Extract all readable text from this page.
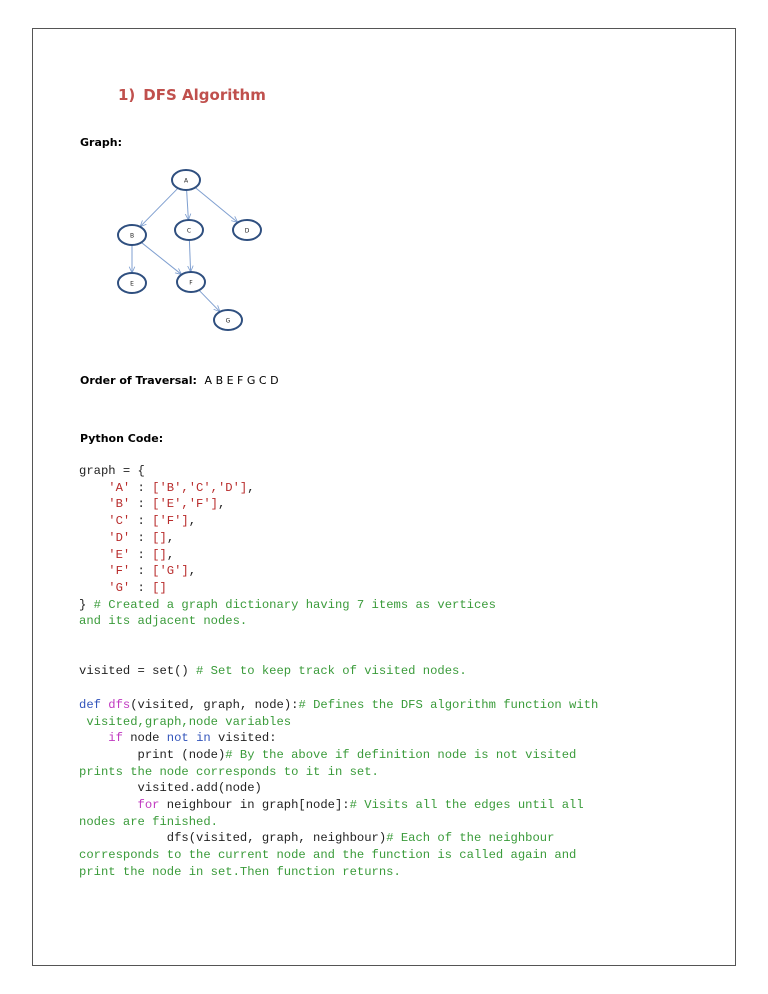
1) DFS Algorithm
Graph:
A
B
C	D
E	F
G
Order of Traversal:  A B E F G C D
Python Code:
graph = {
'A' : ['B','C','D'],
'B' : ['E','F'],
'C' : ['F'],
'D' : [],
'E' : [],
'F' : ['G'],
'G' : []
} # Created a graph dictionary having 7 items as vertices
and its adjacent nodes.

visited = set() # Set to keep track of visited nodes.

def dfs(visited, graph, node):# Defines the DFS algorithm function with
visited,graph,node variables
if node not in visited:
print (node)# By the above if definition node is not visited
prints the node corresponds to it in set.
visited.add(node)
for neighbour in graph[node]:# Visits all the edges until all
nodes are finished.
dfs(visited, graph, neighbour)# Each of the neighbour
corresponds to the current node and the function is called again and
print the node in set.Then function returns.
